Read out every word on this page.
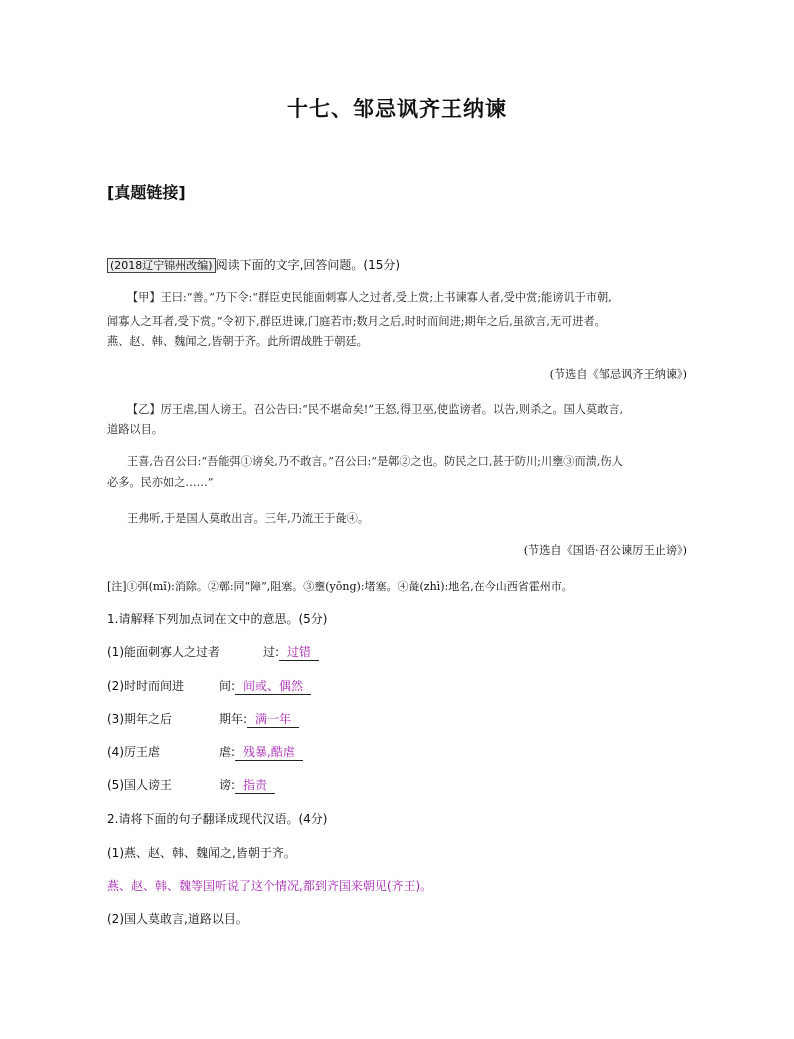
十七、邹忌讽齐王纳谏
[真题链接]
(2018辽宁锦州改编) 阅读下面的文字,回答问题。(15分)
【甲】王曰:“善。”乃下令:“群臣吏民能面刺寡人之过者,受上赏;上书谏寡人者,受中赏;能谤讥于市朝,
闻寡人之耳者,受下赏。”令初下,群臣进谏,门庭若市;数月之后,时时而间进;期年之后,虽欲言,无可进者。
燕、赵、韩、魏闻之,皆朝于齐。此所谓战胜于朝廷。
(节选自《邹忌讽齐王纳谏》)
【乙】厉王虐,国人谤王。召公告曰:“民不堪命矣!”王怒,得卫巫,使监谤者。以告,则杀之。国人莫敢言,
道路以目。
王喜,告召公曰:“吾能弭①谤矣,乃不敢言。”召公曰:“是鄣②之也。防民之口,甚于防川;川壅③而溃,伤人
必多。民亦如之……”
王弗听,于是国人莫敢出言。三年,乃流王于彘④。
(节选自《国语·召公谏厉王止谤》)
[注]①弭(mǐ):消除。②鄣:同“障”,阻塞。③壅(yōng):堵塞。④彘(zhì):地名,在今山西省霍州市。
1.请解释下列加点词在文中的意思。(5分)
(1)能面刺寡人之过者	过: 过错
(2)时时而间进	间: 间或、偶然
(3)期年之后	期年: 满一年
(4)厉王虐	虐: 残暴,酷虐
(5)国人谤王	谤: 指责
2.请将下面的句子翻译成现代汉语。(4分)
(1)燕、赵、韩、魏闻之,皆朝于齐。
燕、赵、韩、魏等国听说了这个情况,都到齐国来朝见(齐王)。
(2)国人莫敢言,道路以目。
